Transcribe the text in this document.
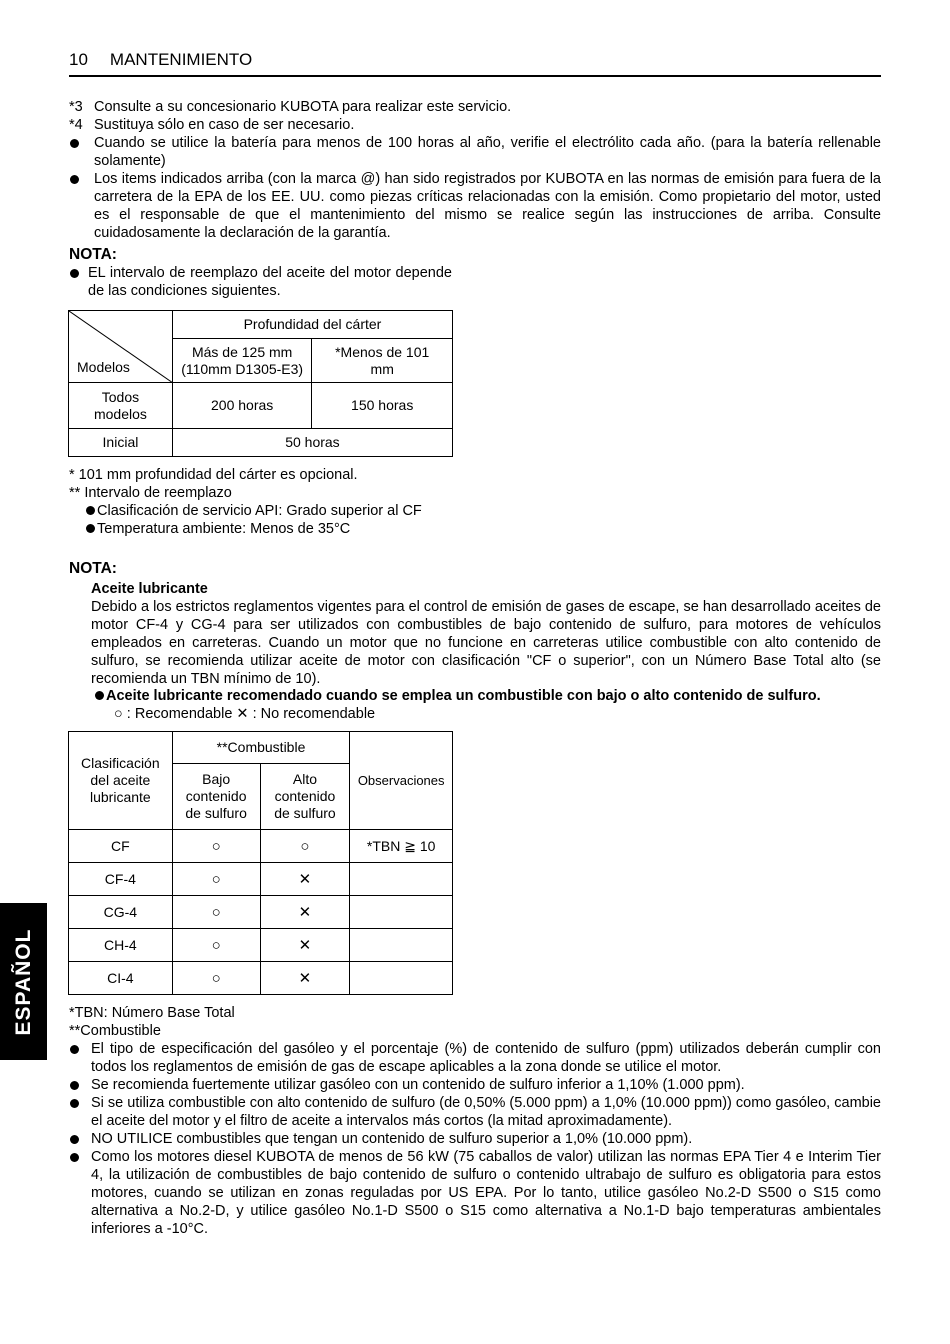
10 MANTENIMIENTO
*3 Consulte a su concesionario KUBOTA para realizar este servicio.
*4 Sustituya sólo en caso de ser necesario.
Cuando se utilice la batería para menos de 100 horas al año, verifie el electrólito cada año. (para la batería rellenable solamente)
Los items indicados arriba (con la marca @) han sido registrados por KUBOTA en las normas de emisión para fuera de la carretera de la EPA de los EE. UU. como piezas críticas relacionadas con la emisión. Como propietario del motor, usted es el responsable de que el mantenimiento del mismo se realice según las instrucciones de arriba. Consulte cuidadosamente la declaración de la garantía.
NOTA:
EL intervalo de reemplazo del aceite del motor depende de las condiciones siguientes.
Modelos	Profundidad del cárter	
	Más de 125 mm (110mm D1305-E3)	*Menos de 101 mm
Todos modelos	200 horas	150 horas
Inicial	50 horas	
* 101 mm profundidad del cárter es opcional.
** Intervalo de reemplazo
Clasificación de servicio API: Grado superior al CF
Temperatura ambiente: Menos de 35°C
NOTA:
Aceite lubricante
Debido a los estrictos reglamentos vigentes para el control de emisión de gases de escape, se han desarrollado aceites de motor CF-4 y CG-4 para ser utilizados con combustibles de bajo contenido de sulfuro, para motores de vehículos empleados en carreteras. Cuando un motor que no funcione en carreteras utilice combustible con alto contenido de sulfuro, se recomienda utilizar aceite de motor con clasificación "CF o superior", con un Número Base Total alto (se recomienda un TBN mínimo de 10).
Aceite lubricante recomendado cuando se emplea un combustible con bajo o alto contenido de sulfuro.
○ : Recomendable ✕ : No recomendable
Clasificación del aceite lubricante	**Combustible		Observaciones
	Bajo contenido de sulfuro	Alto contenido de sulfuro	
CF	○	○	*TBN ≧ 10
CF-4	○	✕	
CG-4	○	✕	
CH-4	○	✕	
CI-4	○	✕	
*TBN: Número Base Total
**Combustible
El tipo de especificación del gasóleo y el porcentaje (%) de contenido de sulfuro (ppm) utilizados deberán cumplir con todos los reglamentos de emisión de gas de escape aplicables a la zona donde se utilice el motor.
Se recomienda fuertemente utilizar gasóleo con un contenido de sulfuro inferior a 1,10% (1.000 ppm).
Si se utiliza combustible con alto contenido de sulfuro (de 0,50% (5.000 ppm) a 1,0% (10.000 ppm)) como gasóleo, cambie el aceite del motor y el filtro de aceite a intervalos más cortos (la mitad aproximadamente).
NO UTILICE combustibles que tengan un contenido de sulfuro superior a 1,0% (10.000 ppm).
Como los motores diesel KUBOTA de menos de 56 kW (75 caballos de valor) utilizan las normas EPA Tier 4 e Interim Tier 4, la utilización de combustibles de bajo contenido de sulfuro o contenido ultrabajo de sulfuro es obligatoria para estos motores, cuando se utilizan en zonas reguladas por US EPA. Por lo tanto, utilice gasóleo No.2-D S500 o S15 como alternativa a No.2-D, y utilice gasóleo No.1-D S500 o S15 como alternativa a No.1-D bajo temperaturas ambientales inferiores a -10°C.
ESPAÑOL
